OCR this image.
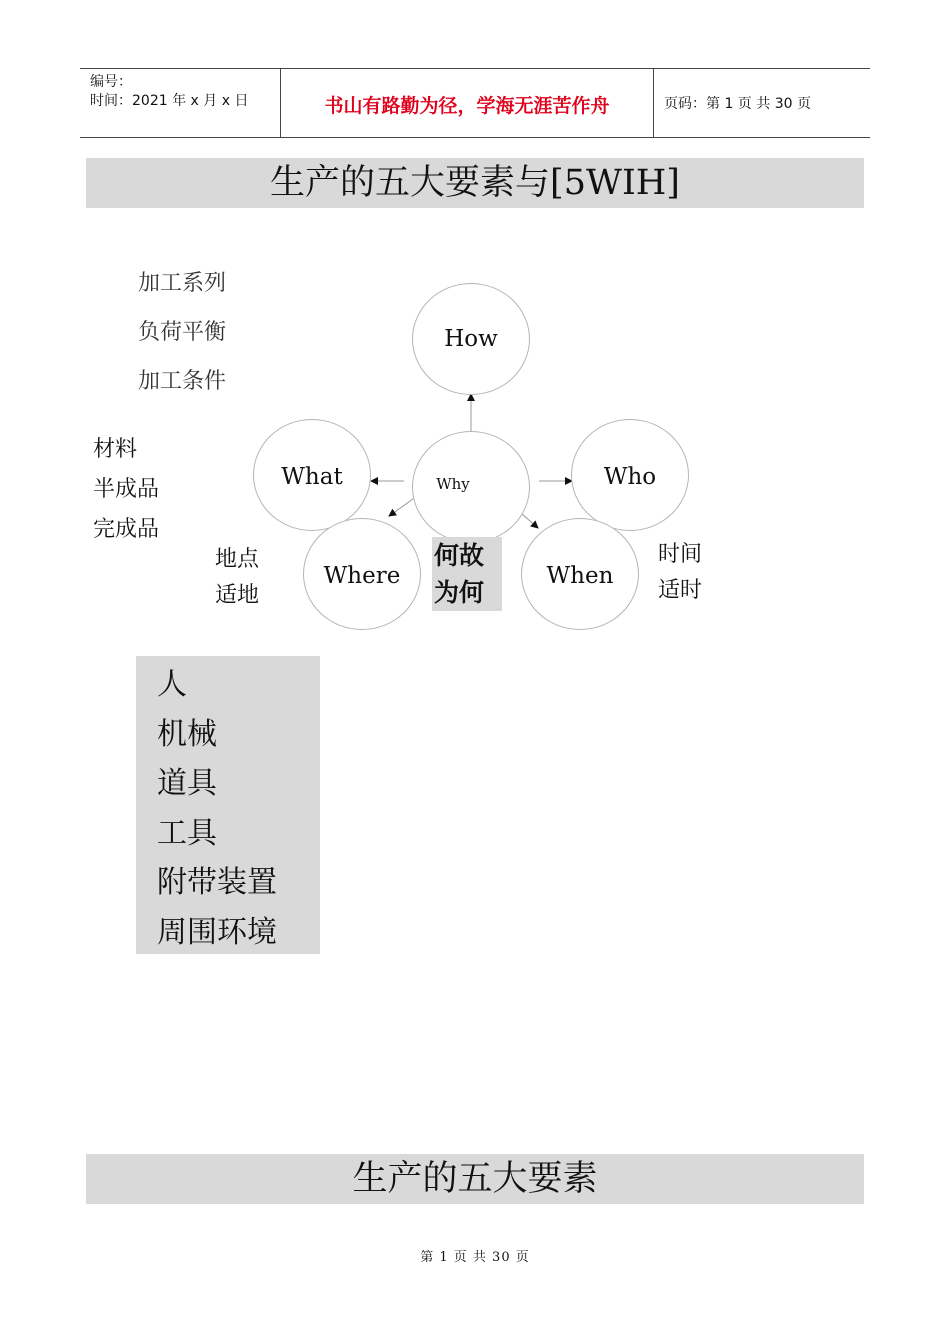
编号：
时间：2021 年 x 月 x 日	书山有路勤为径，学海无涯苦作舟	页码：第 1 页 共 30 页
生产的五大要素与[5WIH]
加工系列
负荷平衡
加工条件
材料
半成品
完成品
How
What	Why	Who
Where	When
地点
适地
何故
为何
时间
适时
人
机械
道具
工具
附带装置
周围环境
生产的五大要素
第 1 页 共 30 页
